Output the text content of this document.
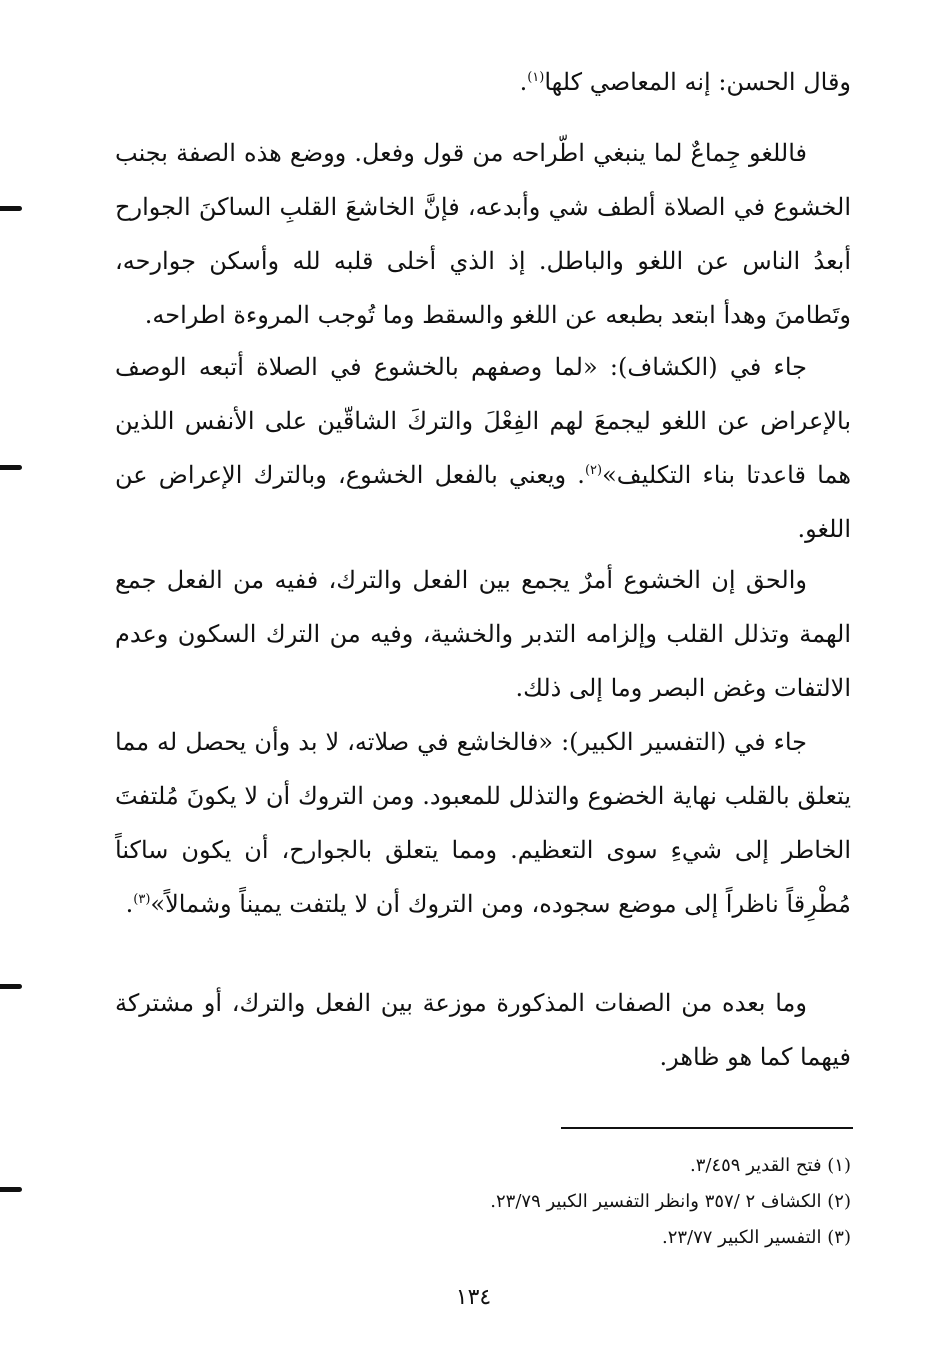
وقال الحسن: إنه المعاصي كلها$^{(١)}$.

فاللغو جِماعٌ لما ينبغي اطّراحه من قول وفعل. ووضع هذه الصفة بجنب الخشوع في الصلاة ألطف شي وأبدعه، فإنَّ الخاشعَ القلبِ الساكنَ الجوارح أبعدُ الناس عن اللغو والباطل. إذ الذي أخلى قلبه لله وأسكن جوارحه، وتَطامنَ وهدأ ابتعد بطبعه عن اللغو والسقط وما تُوجب المروءة اطراحه.

جاء في (الكشاف): «لما وصفهم بالخشوع في الصلاة أتبعه الوصف بالإعراض عن اللغو ليجمعَ لهم الفِعْلَ والتركَ الشاقّين على الأنفس اللذين هما قاعدتا بناء التكليف»$^{(٢)}$. ويعني بالفعل الخشوع، وبالترك الإعراض عن اللغو.

والحق إن الخشوع أمرٌ يجمع بين الفعل والترك، ففيه من الفعل جمع الهمة وتذلل القلب وإلزامه التدبر والخشية، وفيه من الترك السكون وعدم الالتفات وغض البصر وما إلى ذلك.

جاء في (التفسير الكبير): «فالخاشع في صلاته، لا بد وأن يحصل له مما يتعلق بالقلب نهاية الخضوع والتذلل للمعبود. ومن التروك أن لا يكونَ مُلتفتَ الخاطر إلى شيءِ سوى التعظيم. ومما يتعلق بالجوارح، أن يكون ساكناً مُطْرِقاً ناظراً إلى موضع سجوده، ومن التروك أن لا يلتفت يميناً وشمالاً»$^{(٣)}$.

وما بعده من الصفات المذكورة موزعة بين الفعل والترك، أو مشتركة فيهما كما هو ظاهر.

(١) فتح القدير ٣/٤٥٩.

(٢) الكشاف ٢ /٣٥٧ وانظر التفسير الكبير ٢٣/٧٩.

(٣) التفسير الكبير ٢٣/٧٧.

١٣٤
